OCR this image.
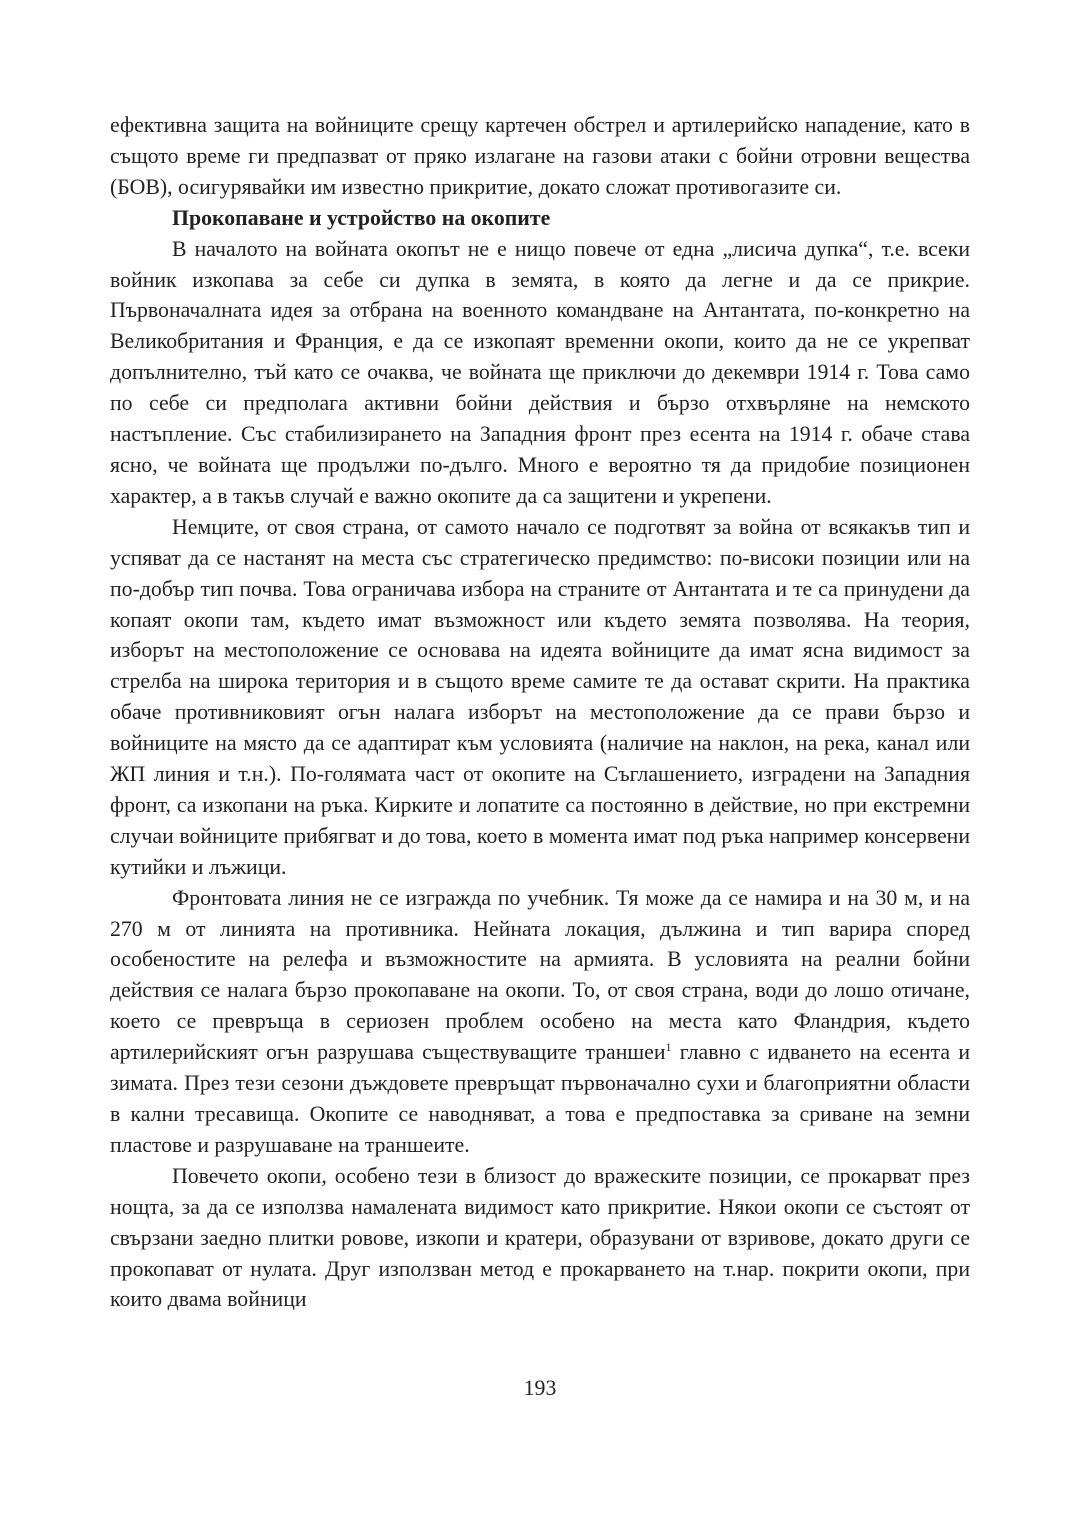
ефективна защита на войниците срещу картечен обстрел и артилерийско нападение, като в същото време ги предпазват от пряко излагане на газови атаки с бойни отровни вещества (БОВ), осигурявайки им известно прикритие, докато сложат противогазите си.

Прокопаване и устройство на окопите

В началото на войната окопът не е нищо повече от една „лисича дупка“, т.е. всеки войник изкопава за себе си дупка в земята, в която да легне и да се прикрие. Първоначалната идея за отбрана на военното командване на Антантата, по-конкретно на Великобритания и Франция, е да се изкопаят временни окопи, които да не се укрепват допълнително, тъй като се очаква, че войната ще приключи до декември 1914 г. Това само по себе си предполага активни бойни действия и бързо отхвърляне на немското настъпление. Със стабилизирането на Западния фронт през есента на 1914 г. обаче става ясно, че войната ще продължи по-дълго. Много е вероятно тя да придобие позиционен характер, а в такъв случай е важно окопите да са защитени и укрепени.

Немците, от своя страна, от самото начало се подготвят за война от всякакъв тип и успяват да се настанят на места със стратегическо предимство: по-високи позиции или на по-добър тип почва. Това ограничава избора на страните от Антантата и те са принудени да копаят окопи там, където имат възможност или където земята позволява. На теория, изборът на местоположение се основава на идеята войниците да имат ясна видимост за стрелба на широка територия и в същото време самите те да остават скрити. На практика обаче противниковият огън налага изборът на местоположение да се прави бързо и войниците на място да се адаптират към условията (наличие на наклон, на река, канал или ЖП линия и т.н.). По-голямата част от окопите на Съглашението, изградени на Западния фронт, са изкопани на ръка. Кирките и лопатите са постоянно в действие, но при екстремни случаи войниците прибягват и до това, което в момента имат под ръка например консервени кутийки и лъжици.

Фронтовата линия не се изгражда по учебник. Тя може да се намира и на 30 м, и на 270 м от линията на противника. Нейната локация, дължина и тип варира според особеностите на релефа и възможностите на армията. В условията на реални бойни действия се налага бързо прокопаване на окопи. То, от своя страна, води до лошо отичане, което се превръща в сериозен проблем особено на места като Фландрия, където артилерийският огън разрушава съществуващите траншеи$^1$ главно с идването на есента и зимата. През тези сезони дъждовете превръщат първоначално сухи и благоприятни области в кални тресавища. Окопите се наводняват, а това е предпоставка за сриване на земни пластове и разрушаване на траншеите.

Повечето окопи, особено тези в близост до вражеските позиции, се прокарват през нощта, за да се използва намалената видимост като прикритие. Някои окопи се състоят от свързани заедно плитки ровове, изкопи и кратери, образувани от взривове, докато други се прокопават от нулата. Друг използван метод е прокарването на т.нар. покрити окопи, при които двама войници

193
